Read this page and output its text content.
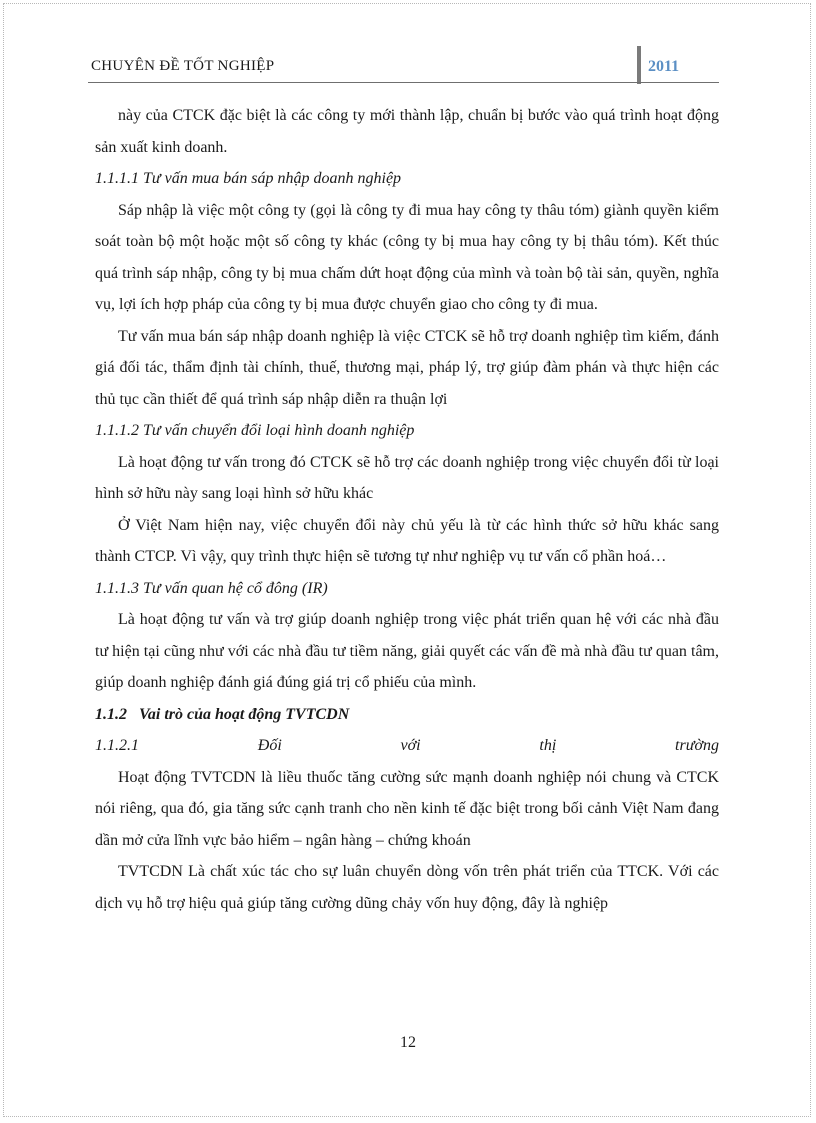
CHUYÊN ĐỀ TỐT NGHIỆP	2011

này của CTCK đặc biệt là các công ty mới thành lập, chuẩn bị bước vào quá trình hoạt động sản xuất kinh doanh.

1.1.1.1 Tư vấn mua bán sáp nhập doanh nghiệp

Sáp nhập là việc một công ty (gọi là công ty đi mua hay công ty thâu tóm) giành quyền kiểm soát toàn bộ một hoặc một số công ty khác (công ty bị mua hay công ty bị thâu tóm). Kết thúc quá trình sáp nhập, công ty bị mua chấm dứt hoạt động của mình và toàn bộ tài sản, quyền, nghĩa vụ, lợi ích hợp pháp của công ty bị mua được chuyển giao cho công ty đi mua.

Tư vấn mua bán sáp nhập doanh nghiệp là việc CTCK sẽ hỗ trợ doanh nghiệp tìm kiếm, đánh giá đối tác, thẩm định tài chính, thuế, thương mại, pháp lý, trợ giúp đàm phán và thực hiện các thủ tục cần thiết để quá trình sáp nhập diễn ra thuận lợi

1.1.1.2 Tư vấn chuyển đổi loại hình doanh nghiệp

Là hoạt động tư vấn trong đó CTCK sẽ hỗ trợ các doanh nghiệp trong việc chuyển đổi từ loại hình sở hữu này sang loại hình sở hữu khác

Ở Việt Nam hiện nay, việc chuyển đổi này chủ yếu là từ các hình thức sở hữu khác sang thành CTCP. Vì vậy, quy trình thực hiện sẽ tương tự như nghiệp vụ tư vấn cổ phần hoá…

1.1.1.3 Tư vấn quan hệ cổ đông (IR)

Là hoạt động tư vấn và trợ giúp doanh nghiệp trong việc phát triển quan hệ với các nhà đầu tư hiện tại cũng như với các nhà đầu tư tiềm năng, giải quyết các vấn đề mà nhà đầu tư quan tâm, giúp doanh nghiệp đánh giá đúng giá trị cổ phiếu của mình.

1.1.2   Vai trò của hoạt động TVTCDN

1.1.2.1 Đối với thị trường

Hoạt động TVTCDN là liều thuốc tăng cường sức mạnh doanh nghiệp nói chung và CTCK nói riêng, qua đó, gia tăng sức cạnh tranh cho nền kinh tế đặc biệt trong bối cảnh Việt Nam đang dần mở cửa lĩnh vực bảo hiểm – ngân hàng – chứng khoán

TVTCDN Là chất xúc tác cho sự luân chuyển dòng vốn trên phát triển của TTCK. Với các dịch vụ hỗ trợ hiệu quả giúp tăng cường dũng chảy vốn huy động, đây là nghiệp

12
